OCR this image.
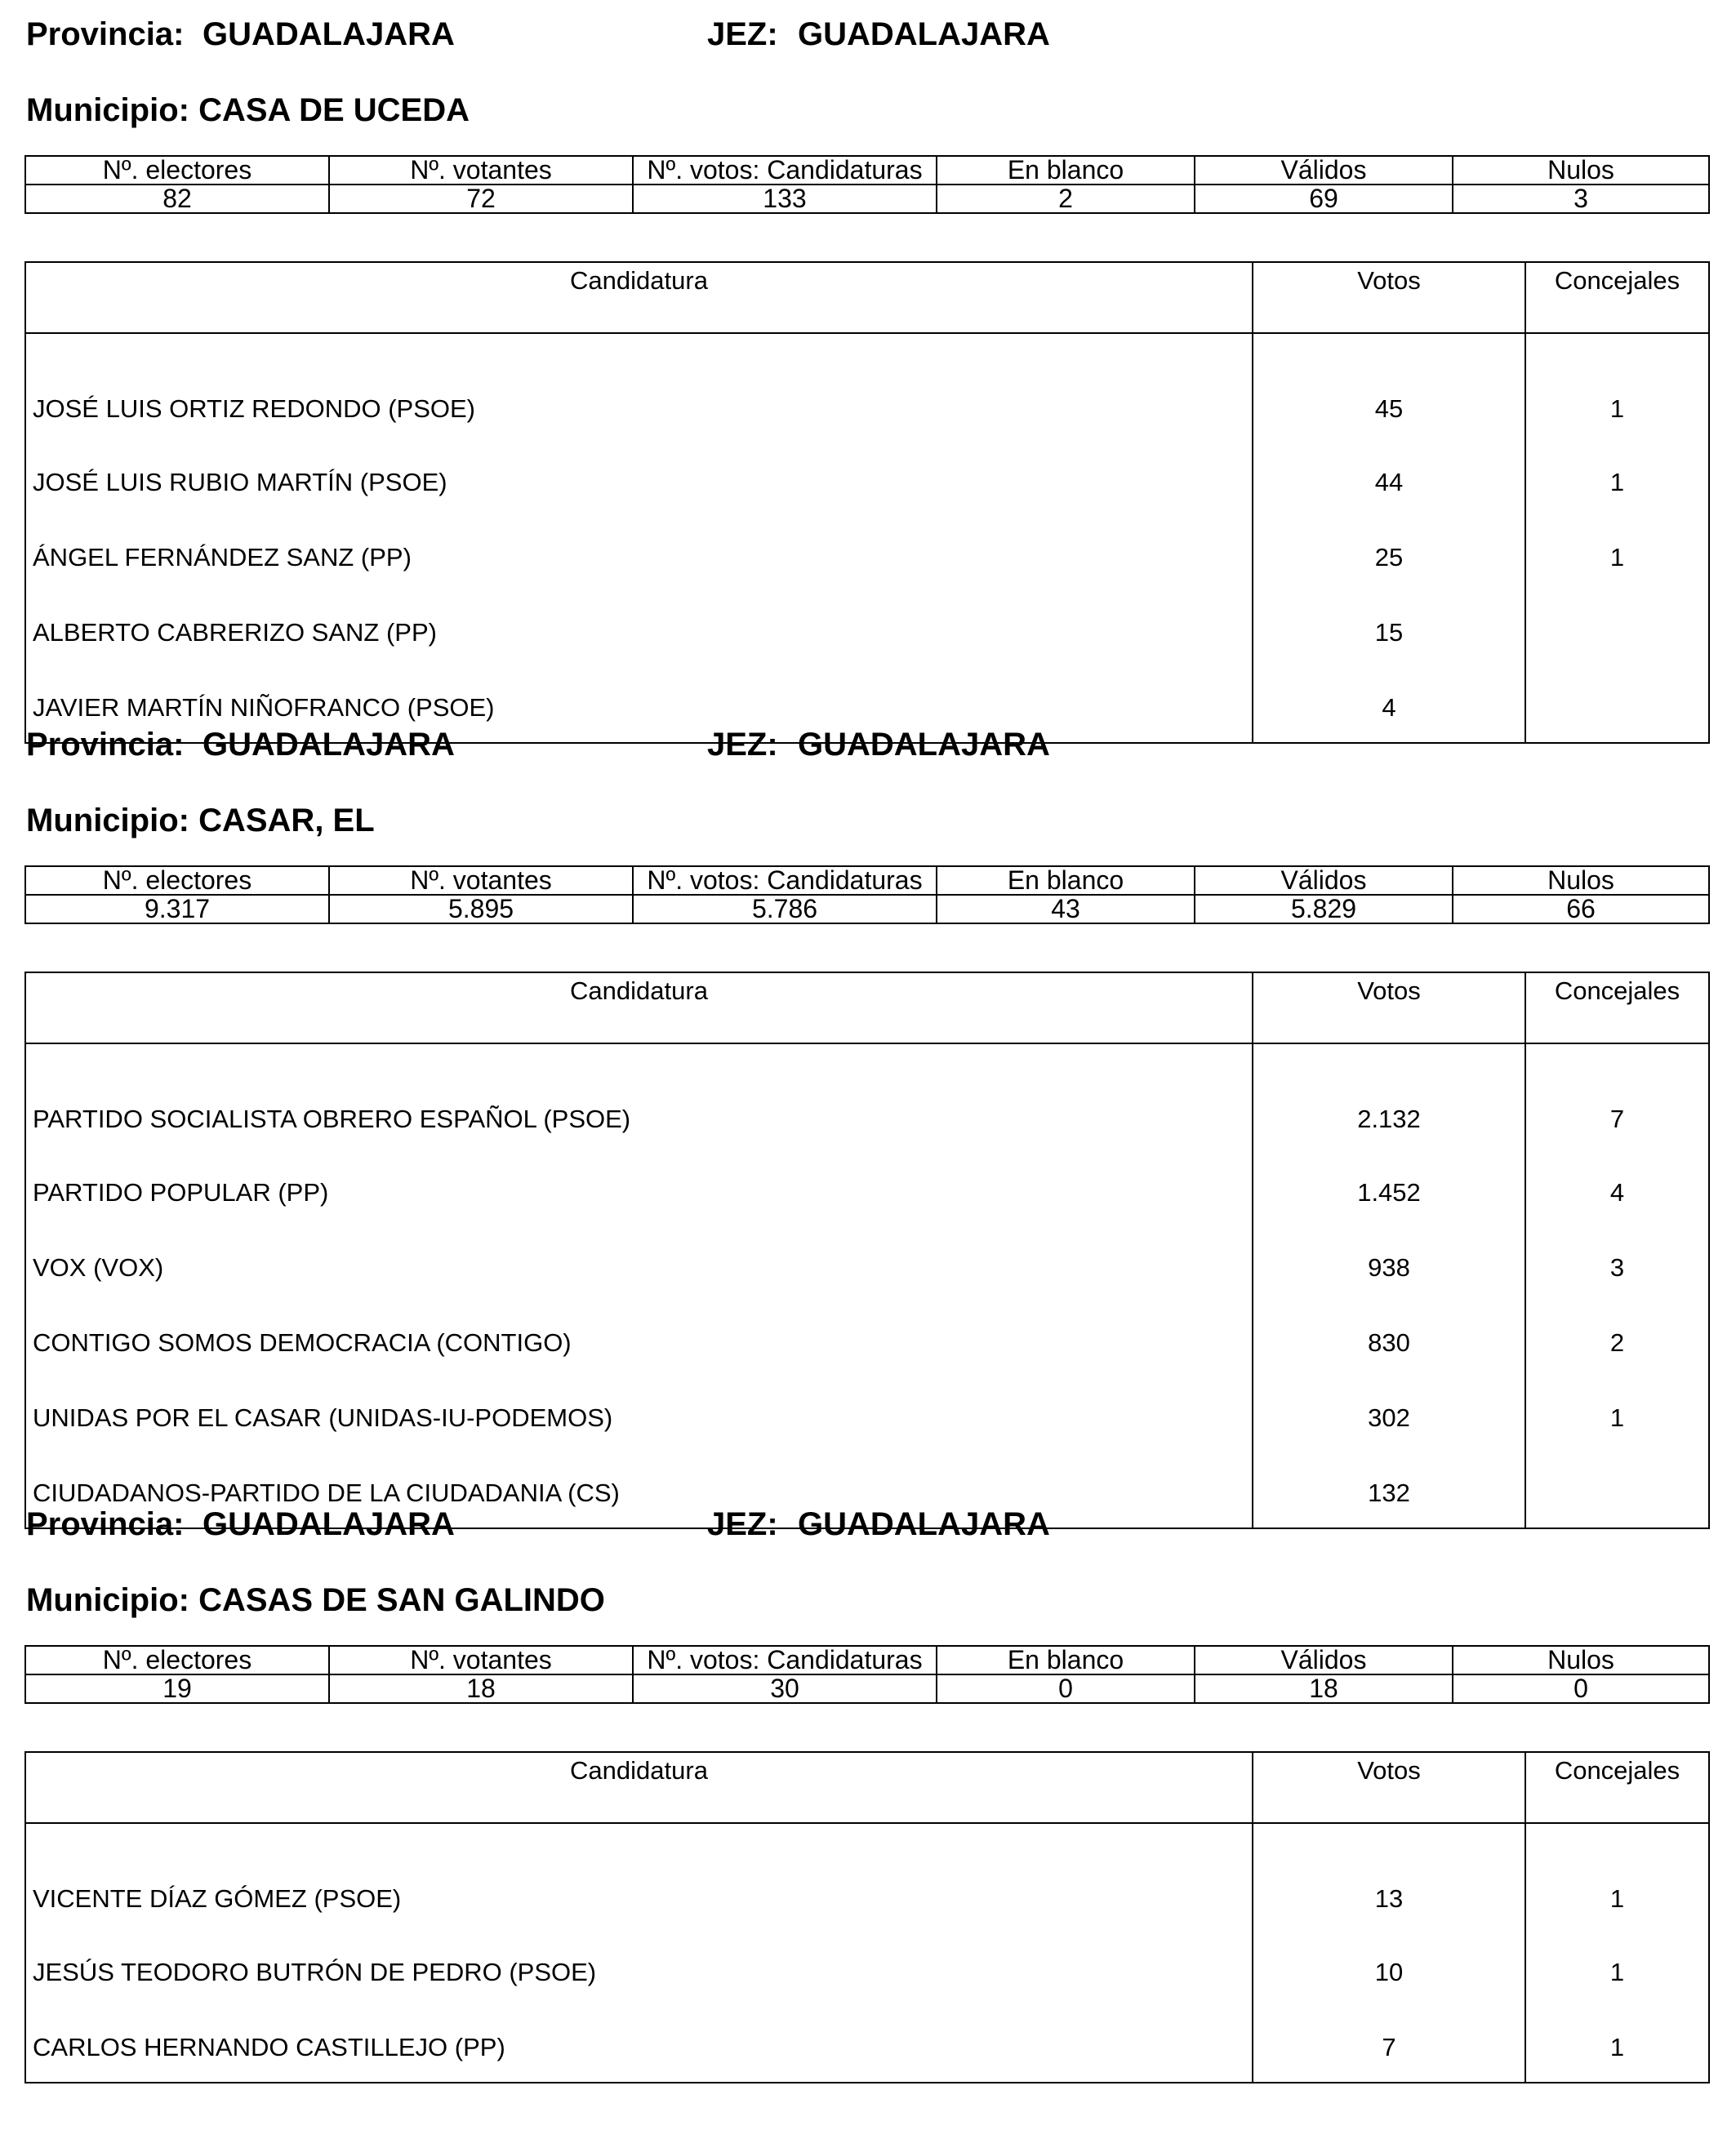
Provincia: GUADALAJARA	JEZ: GUADALAJARA
Municipio: CASA DE UCEDA
Nº. electores	Nº. votantes	Nº. votos: Candidaturas	En blanco	Válidos	Nulos
82	72	133	2	69	3
Candidatura	Votos	Concejales
JOSÉ LUIS ORTIZ REDONDO (PSOE)	45	1
JOSÉ LUIS RUBIO MARTÍN (PSOE)	44	1
ÁNGEL FERNÁNDEZ SANZ (PP)	25	1
ALBERTO CABRERIZO SANZ (PP)	15	
JAVIER MARTÍN NIÑOFRANCO (PSOE)	4	
Provincia: GUADALAJARA	JEZ: GUADALAJARA
Municipio: CASAR, EL
Nº. electores	Nº. votantes	Nº. votos: Candidaturas	En blanco	Válidos	Nulos
9.317	5.895	5.786	43	5.829	66
Candidatura	Votos	Concejales
PARTIDO SOCIALISTA OBRERO ESPAÑOL (PSOE)	2.132	7
PARTIDO POPULAR (PP)	1.452	4
VOX (VOX)	938	3
CONTIGO SOMOS DEMOCRACIA (CONTIGO)	830	2
UNIDAS POR EL CASAR (UNIDAS-IU-PODEMOS)	302	1
CIUDADANOS-PARTIDO DE LA CIUDADANIA (CS)	132	
Provincia: GUADALAJARA	JEZ: GUADALAJARA
Municipio: CASAS DE SAN GALINDO
Nº. electores	Nº. votantes	Nº. votos: Candidaturas	En blanco	Válidos	Nulos
19	18	30	0	18	0
Candidatura	Votos	Concejales
VICENTE DÍAZ GÓMEZ (PSOE)	13	1
JESÚS TEODORO BUTRÓN DE PEDRO (PSOE)	10	1
CARLOS HERNANDO CASTILLEJO (PP)	7	1
